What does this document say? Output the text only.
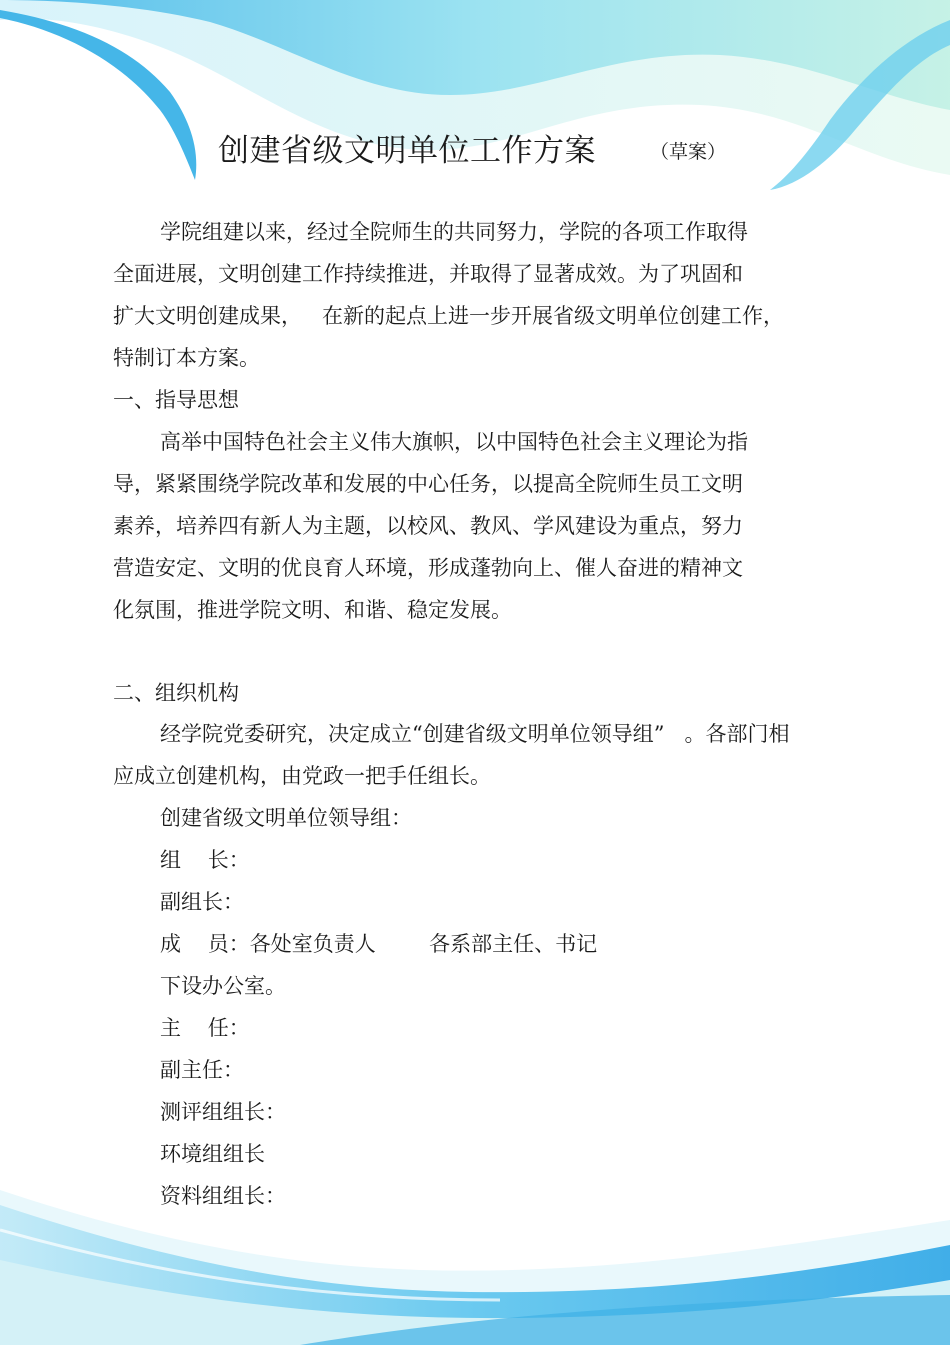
创建省级文明单位工作方案	（草案）
学院组建以来，经过全院师生的共同努力，学院的各项工作取得
全面进展，文明创建工作持续推进，并取得了显著成效。为了巩固和
扩大文明创建成果，   在新的起点上进一步开展省级文明单位创建工作，
特制订本方案。
一、指导思想
高举中国特色社会主义伟大旗帜，以中国特色社会主义理论为指
导，紧紧围绕学院改革和发展的中心任务，以提高全院师生员工文明
素养，培养四有新人为主题，以校风、教风、学风建设为重点，努力
营造安定、文明的优良育人环境，形成蓬勃向上、催人奋进的精神文
化氛围，推进学院文明、和谐、稳定发展。
二、组织机构
经学院党委研究，决定成立“创建省级文明单位领导组”   。各部门相
应成立创建机构，由党政一把手任组长。
创建省级文明单位领导组：
组    长：
副组长：
成    员：各处室负责人        各系部主任、书记
下设办公室。
主    任：
副主任：
测评组组长：
环境组组长
资料组组长：
